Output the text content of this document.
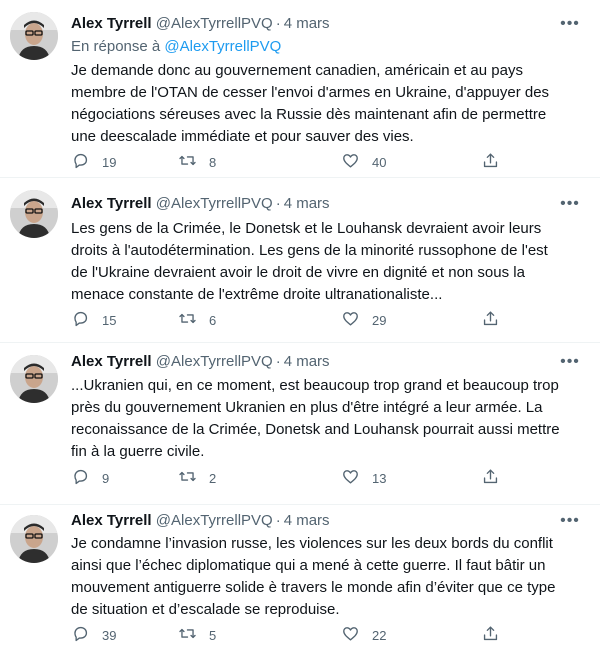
Alex Tyrrell @AlexTyrrellPVQ · 4 mars	•••
En réponse à @AlexTyrrellPVQ
Je demande donc au gouvernement canadien, américain et au pays
membre de l'OTAN de cesser l'envoi d'armes en Ukraine, d'appuyer des
négociations séreuses avec la Russie dès maintenant afin de permettre
une deescalade immédiate et pour sauver des vies.
19	8	40
Alex Tyrrell @AlexTyrrellPVQ · 4 mars	•••
Les gens de la Crimée, le Donetsk et le Louhansk devraient avoir leurs
droits à l'autodétermination. Les gens de la minorité russophone de l'est
de l'Ukraine devraient avoir le droit de vivre en dignité et non sous la
menace constante de l'extrême droite ultranationaliste...
15	6	29
Alex Tyrrell @AlexTyrrellPVQ · 4 mars	•••
...Ukranien qui, en ce moment, est beaucoup trop grand et beaucoup trop
près du gouvernement Ukranien en plus d'être intégré a leur armée. La
reconaissance de la Crimée, Donetsk and Louhansk pourrait aussi mettre
fin à la guerre civile.
9	2	13
Alex Tyrrell @AlexTyrrellPVQ · 4 mars	•••
Je condamne l’invasion russe, les violences sur les deux bords du conflit
ainsi que l’échec diplomatique qui a mené à cette guerre. Il faut bâtir un
mouvement antiguerre solide è travers le monde afin d’éviter que ce type
de situation et d’escalade se reproduise.
39	5	22
